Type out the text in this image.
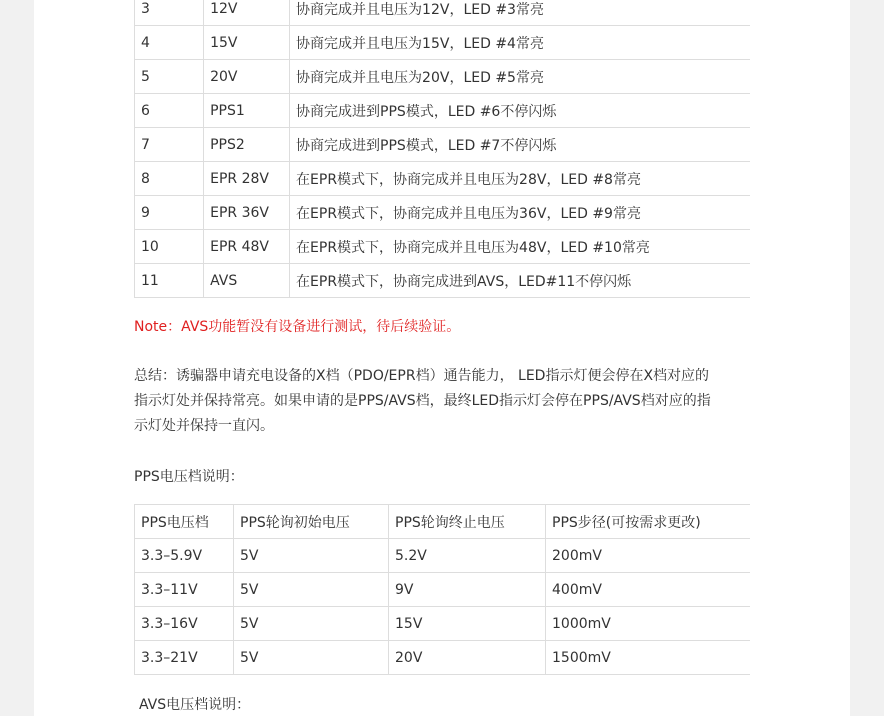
3	12V	协商完成并且电压为12V，LED #3常亮
4	15V	协商完成并且电压为15V，LED #4常亮
5	20V	协商完成并且电压为20V，LED #5常亮
6	PPS1	协商完成进到PPS模式，LED #6不停闪烁
7	PPS2	协商完成进到PPS模式，LED #7不停闪烁
8	EPR 28V	在EPR模式下，协商完成并且电压为28V，LED #8常亮
9	EPR 36V	在EPR模式下，协商完成并且电压为36V，LED #9常亮
10	EPR 48V	在EPR模式下，协商完成并且电压为48V，LED #10常亮
11	AVS	在EPR模式下，协商完成进到AVS，LED#11不停闪烁
Note：AVS功能暂没有设备进行测试，待后续验证。
总结：诱骗器申请充电设备的X档（PDO/EPR档）通告能力， LED指示灯便会停在X档对应的
指示灯处并保持常亮。如果申请的是PPS/AVS档，最终LED指示灯会停在PPS/AVS档对应的指
示灯处并保持一直闪。
PPS电压档说明：
PPS电压档	PPS轮询初始电压	PPS轮询终止电压	PPS步径(可按需求更改)
3.3–5.9V	5V	5.2V	200mV
3.3–11V	5V	9V	400mV
3.3–16V	5V	15V	1000mV
3.3–21V	5V	20V	1500mV
AVS电压档说明：
